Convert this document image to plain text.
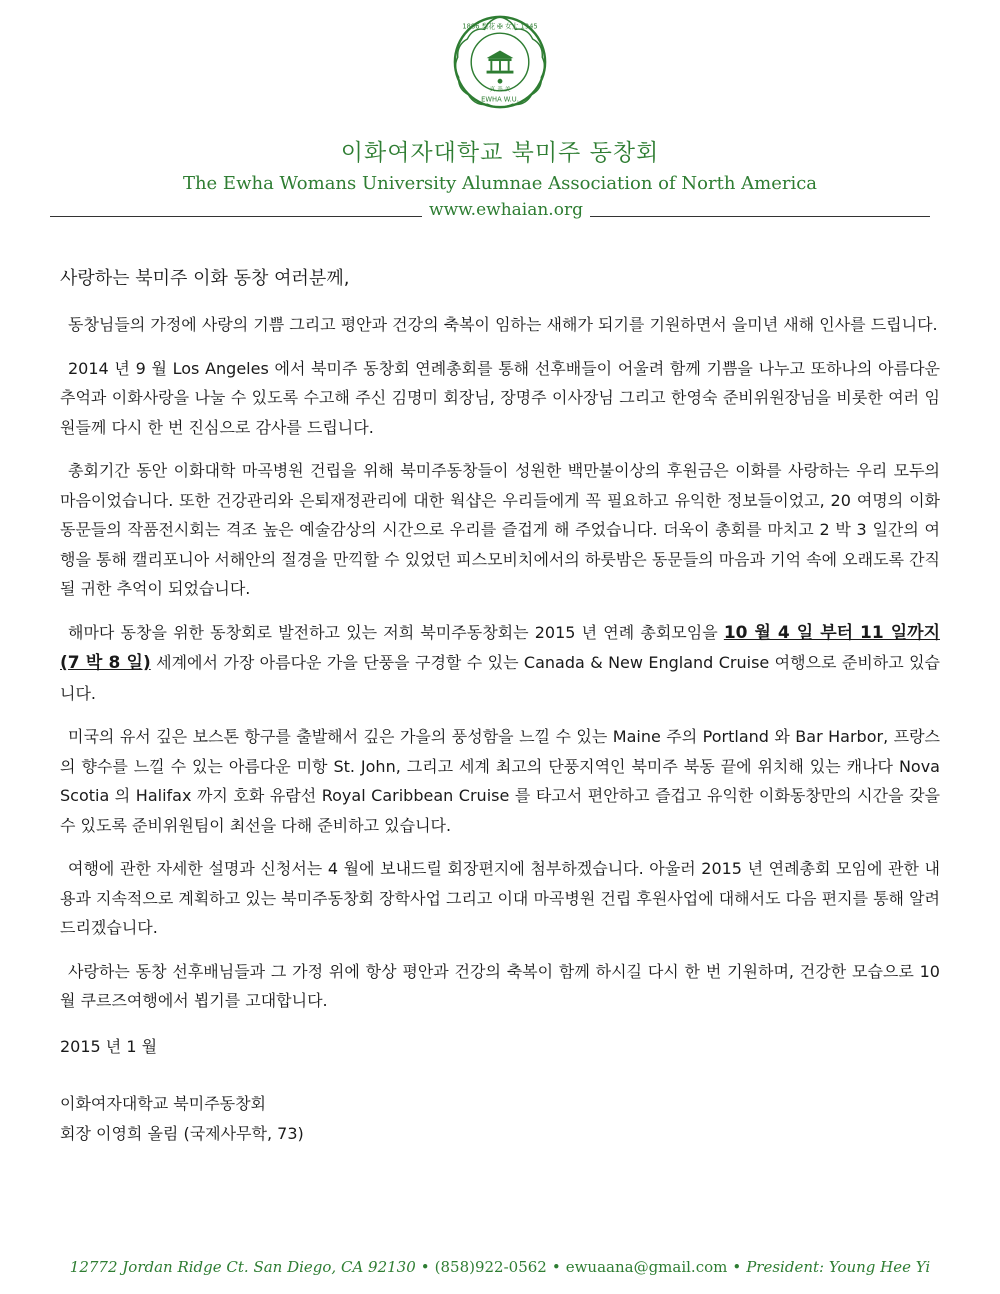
1886 梨花 ✠ 女大 1945
EWHA W.U.
真 善 美
이화여자대학교 북미주 동창회
The Ewha Womans University Alumnae Association of North America
www.ewhaian.org
사랑하는 북미주 이화 동창 여러분께,

동창님들의 가정에 사랑의 기쁨 그리고 평안과 건강의 축복이 임하는 새해가 되기를 기원하면서 을미년 새해 인사를 드립니다.

2014 년 9 월 Los Angeles 에서 북미주 동창회 연례총회를 통해 선후배들이 어울려 함께 기쁨을 나누고 또하나의 아름다운 추억과 이화사랑을 나눌 수 있도록 수고해 주신 김명미 회장님, 장명주 이사장님 그리고 한영숙 준비위원장님을 비롯한 여러 임원들께 다시 한 번 진심으로 감사를 드립니다.

총회기간 동안 이화대학 마곡병원 건립을 위해 북미주동창들이 성원한 백만불이상의 후원금은 이화를 사랑하는 우리 모두의 마음이었습니다. 또한 건강관리와 은퇴재정관리에 대한 웍샵은 우리들에게 꼭 필요하고 유익한 정보들이었고, 20 여명의 이화동문들의 작품전시회는 격조 높은 예술감상의 시간으로 우리를 즐겁게 해 주었습니다. 더욱이 총회를 마치고 2 박 3 일간의 여행을 통해 캘리포니아 서해안의 절경을 만끽할 수 있었던 피스모비치에서의 하룻밤은 동문들의 마음과 기억 속에 오래도록 간직될 귀한 추억이 되었습니다.

해마다 동창을 위한 동창회로 발전하고 있는 저희 북미주동창회는 2015 년 연례 총회모임을 10 월 4 일 부터 11 일까지 (7 박 8 일) 세계에서 가장 아름다운 가을 단풍을 구경할 수 있는 Canada & New England Cruise 여행으로 준비하고 있습니다.

미국의 유서 깊은 보스톤 항구를 출발해서 깊은 가을의 풍성함을 느낄 수 있는 Maine 주의 Portland 와 Bar Harbor, 프랑스의 향수를 느낄 수 있는 아름다운 미항 St. John, 그리고 세계 최고의 단풍지역인 북미주 북동 끝에 위치해 있는 캐나다 Nova Scotia 의 Halifax 까지 호화 유람선 Royal Caribbean Cruise 를 타고서 편안하고 즐겁고 유익한 이화동창만의 시간을 갖을 수 있도록 준비위원팀이 최선을 다해 준비하고 있습니다.

여행에 관한 자세한 설명과 신청서는 4 월에 보내드릴 회장편지에 첨부하겠습니다. 아울러 2015 년 연례총회 모임에 관한 내용과 지속적으로 계획하고 있는 북미주동창회 장학사업 그리고 이대 마곡병원 건립 후원사업에 대해서도 다음 편지를 통해 알려드리겠습니다.

사랑하는 동창 선후배님들과 그 가정 위에 항상 평안과 건강의 축복이 함께 하시길 다시 한 번 기원하며, 건강한 모습으로 10 월 쿠르즈여행에서 뵙기를 고대합니다.

2015 년 1 월
이화여자대학교 북미주동창회
회장 이영희 올림 (국제사무학, 73)
12772 Jordan Ridge Ct. San Diego, CA 92130 • (858)922-0562 • ewuaana@gmail.com • President: Young Hee Yi
